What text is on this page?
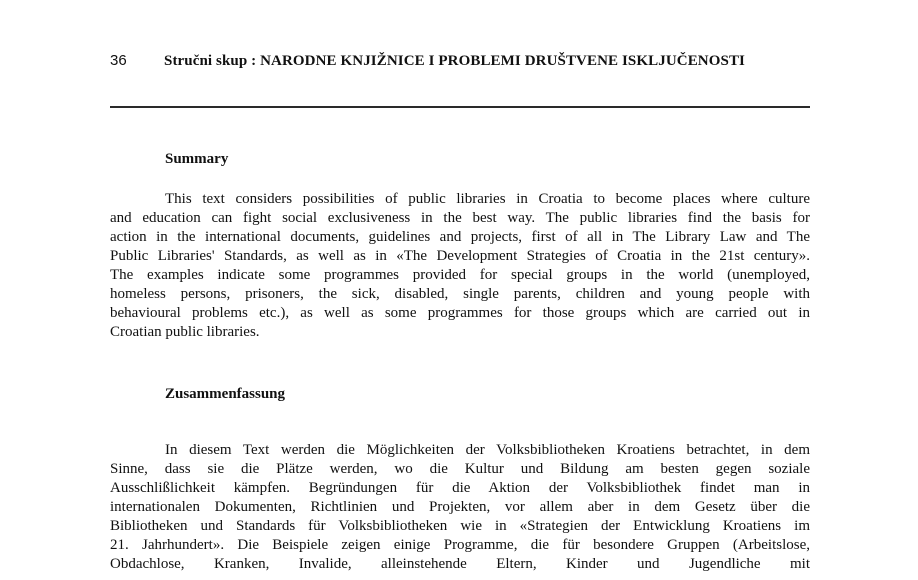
36	Stručni skup : NARODNE KNJIŽNICE I PROBLEMI DRUŠTVENE ISKLJUČENOSTI
Summary
This text considers possibilities of public libraries in Croatia to become places where culture
and education can fight social exclusiveness in the best way. The public libraries find the basis for
action in the international documents, guidelines and projects, first of all in The Library Law and The
Public Libraries' Standards, as well as in «The Development Strategies of Croatia in the 21st century».
The examples indicate some programmes provided for special groups in the world (unemployed,
homeless persons, prisoners, the sick, disabled, single parents, children and young people with
behavioural problems etc.), as well as some programmes for those groups which are carried out in
Croatian public libraries.
Zusammenfassung
In diesem Text werden die Möglichkeiten der Volksbibliotheken Kroatiens betrachtet, in dem
Sinne, dass sie die Plätze werden, wo die Kultur und Bildung am besten gegen soziale
Ausschlißlichkeit kämpfen. Begründungen für die Aktion der Volksbibliothek findet man in
internationalen Dokumenten, Richtlinien und Projekten, vor allem aber in dem Gesetz über die
Bibliotheken und Standards für Volksbibliotheken wie in «Strategien der Entwicklung Kroatiens im
21. Jahrhundert». Die Beispiele zeigen einige Programme, die für besondere Gruppen (Arbeitslose,
Obdachlose, Kranken, Invalide, alleinstehende Eltern, Kinder und Jugendliche mit
